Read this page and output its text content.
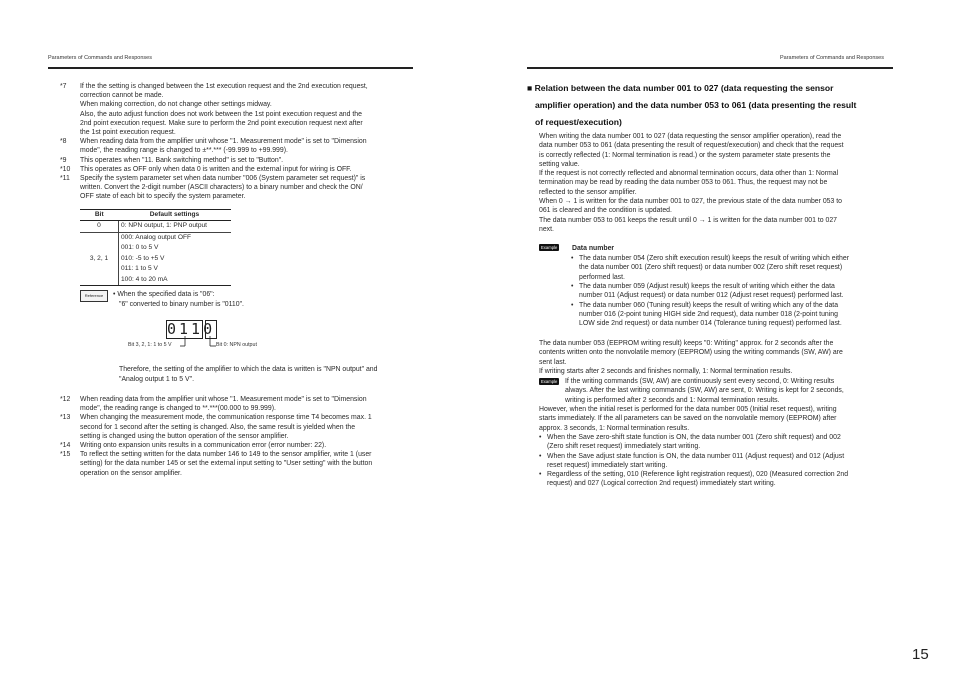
Parameters of Commands and Responses	Parameters of Commands and Responses
*7	If the the setting is changed between the 1st execution request and the 2nd execution request,
correction cannot be made.
When making correction, do not change other settings midway.
Also, the auto adjust function does not work between the 1st point execution request and the
2nd point execution request. Make sure to perform the 2nd point execution request next after
the 1st point execution request.
*8	When reading data from the amplifier unit whose "1. Measurement mode" is set to "Dimension
mode", the reading range is changed to ±**.*** (-99.999 to +99.999).
*9	This operates when "11. Bank switching method" is set to "Button".
*10	This operates as OFF only when data 0 is written and the external input for wiring is OFF.
*11	Specify the system parameter set when data number "006 (System parameter set request)" is
written. Convert the 2-digit number (ASCII characters) to a binary number and check the ON/
OFF state of each bit to specify the system parameter.
Bit	Default settings
0	0: NPN output, 1: PNP output
3, 2, 1	000: Analog output OFF
001: 0 to 5 V
010: -5 to +5 V
011: 1 to 5 V
100: 4 to 20 mA
Reference	• When the specified data is "06":
"6" converted to binary number is "0110".
0110
Bit 3, 2, 1: 1 to 5 V	Bit 0: NPN output
Therefore, the setting of the amplifier to which the data is written is "NPN output" and
"Analog output 1 to 5 V".
*12	When reading data from the amplifier unit whose "1. Measurement mode" is set to "Dimension
mode", the reading range is changed to **.***(00.000 to 99.999).
*13	When changing the measurement mode, the communication response time T4 becomes max. 1
second for 1 second after the setting is changed. Also, the same result is yielded when the
setting is changed using the button operation of the sensor amplifier.
*14	Writing onto expansion units results in a communication error (error number: 22).
*15	To reflect the setting written for the data number 146 to 149 to the sensor amplifier, write 1 (user
setting) for the data number 145 or set the external input setting to "User setting" with the button
operation on the sensor amplifier.
■ Relation between the data number 001 to 027 (data requesting the sensor
amplifier operation) and the data number 053 to 061 (data presenting the result
of request/execution)
When writing the data number 001 to 027 (data requesting the sensor amplifier operation), read the
data number 053 to 061 (data presenting the result of request/execution) and check that the request
is correctly reflected (1: Normal termination is read.) or the system parameter state presents the
setting value.
If the request is not correctly reflected and abnormal termination occurs, data other than 1: Normal
termination may be read by reading the data number 053 to 061. Thus, the request may not be
reflected to the sensor amplifier.
When 0 → 1 is written for the data number 001 to 027, the previous state of the data number 053 to
061 is cleared and the condition is updated.
The data number 053 to 061 keeps the result until 0 → 1 is written for the data number 001 to 027
next.
Example Data number
• The data number 054 (Zero shift execution result) keeps the result of writing which either
the data number 001 (Zero shift request) or data number 002 (Zero shift reset request)
performed last.
• The data number 059 (Adjust result) keeps the result of writing which either the data
number 011 (Adjust request) or data number 012 (Adjust reset request) performed last.
• The data number 060 (Tuning result) keeps the result of writing which any of the data
number 016 (2-point tuning HIGH side 2nd request), data number 018 (2-point tuning
LOW side 2nd request) or data number 014 (Tolerance tuning request) performed last.
The data number 053 (EEPROM writing result) keeps "0: Writing" approx. for 2 seconds after the
contents written onto the nonvolatile memory (EEPROM) using the writing commands (SW, AW) are
sent last.
If writing starts after 2 seconds and finishes normally, 1: Normal termination results.
Example If the writing commands (SW, AW) are continuously sent every second, 0: Writing results
always. After the last writing commands (SW, AW) are sent, 0: Writing is kept for 2 seconds,
writing is performed after 2 seconds and 1: Normal termination results.
However, when the initial reset is performed for the data number 005 (Initial reset request), writing
starts immediately. If the all parameters can be saved on the nonvolatile memory (EEPROM) after
approx. 3 seconds, 1: Normal termination results.
• When the Save zero-shift state function is ON, the data number 001 (Zero shift request) and 002
(Zero shift reset request) immediately start writing.
• When the Save adjust state function is ON, the data number 011 (Adjust request) and 012 (Adjust
reset request) immediately start writing.
• Regardless of the setting, 010 (Reference light registration request), 020 (Measured correction 2nd
request) and 027 (Logical correction 2nd request) immediately start writing.
15
